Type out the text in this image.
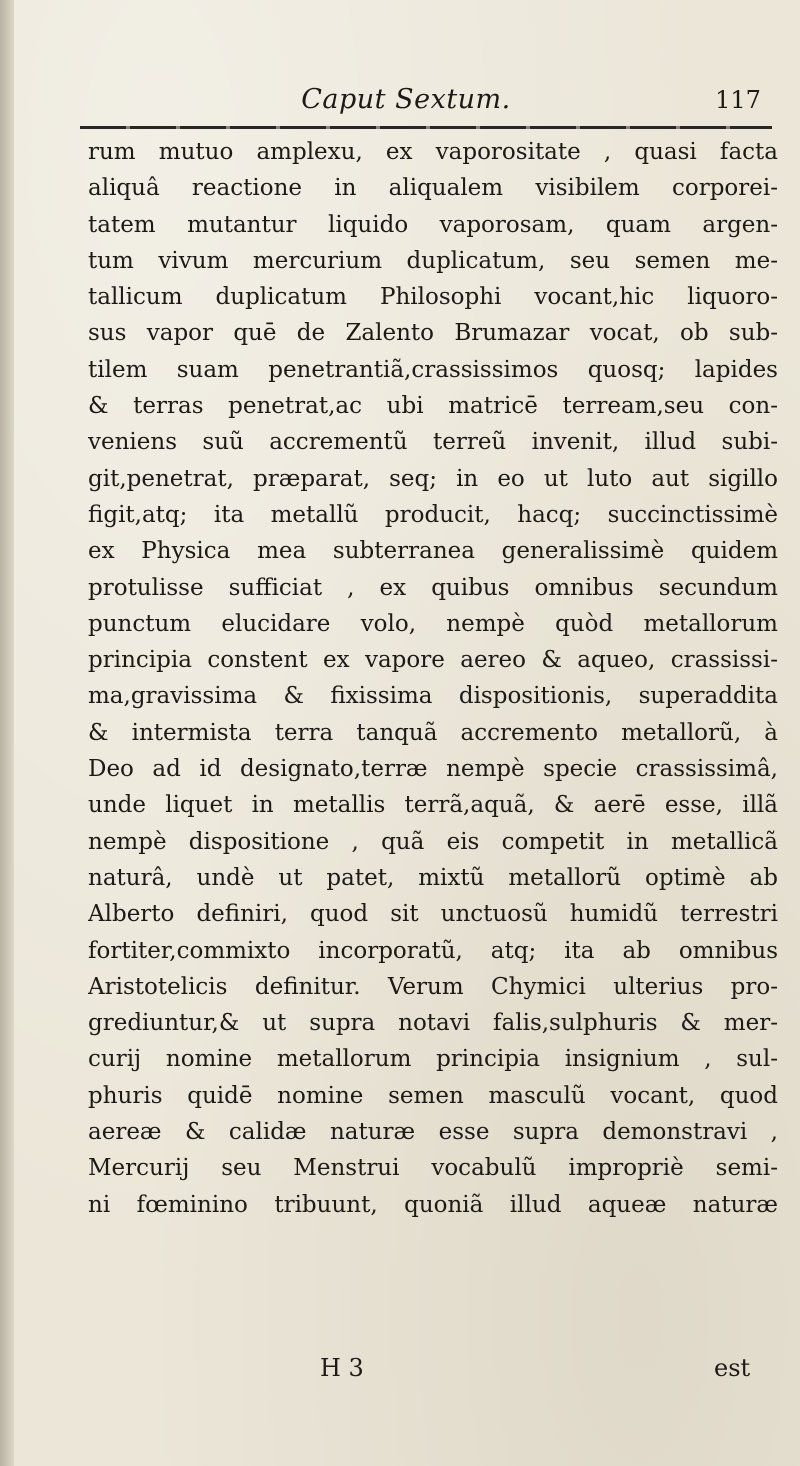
Caput Sextum.	117
rum mutuo amplexu, ex vaporositate , quasi facta
aliquâ reactione in aliqualem visibilem corporei-
tatem mutantur liquido vaporosam, quam argen-
tum vivum mercurium duplicatum, seu semen me-
tallicum duplicatum Philosophi vocant,hic liquoro-
sus vapor quē de Zalento Brumazar vocat, ob sub-
tilem suam penetrantiã,crassissimos quosq; lapides
& terras penetrat,ac ubi matricē terream,seu con-
veniens suũ accrementũ terreũ invenit, illud subi-
git,penetrat, præparat, seq; in eo ut luto aut sigillo
figit,atq; ita metallũ producit, hacq; succinctissimè
ex Physica mea subterranea generalissimè quidem
protulisse sufficiat , ex quibus omnibus secundum
punctum elucidare volo, nempè quòd metallorum
principia constent ex vapore aereo & aqueo, crassissi-
ma,gravissima & fixissima dispositionis, superaddita
& intermista terra tanquã accremento metallorũ, à
Deo ad id designato,terræ nempè specie crassissimâ,
unde liquet in metallis terrã,aquã, & aerē esse, illã
nempè dispositione , quã eis competit in metallicã
naturâ, undè ut patet, mixtũ metallorũ optimè ab
Alberto definiri, quod sit unctuosũ humidũ terrestri
fortiter,commixto incorporatũ, atq; ita ab omnibus
Aristotelicis definitur. Verum Chymici ulterius pro-
grediuntur,& ut supra notavi falis,sulphuris & mer-
curij nomine metallorum principia insignium , sul-
phuris quidē nomine semen masculũ vocant, quod
aereæ & calidæ naturæ esse supra demonstravi ,
Mercurij seu Menstrui vocabulũ impropriè semi-
ni fœminino tribuunt, quoniã illud aqueæ naturæ
H 3	est
